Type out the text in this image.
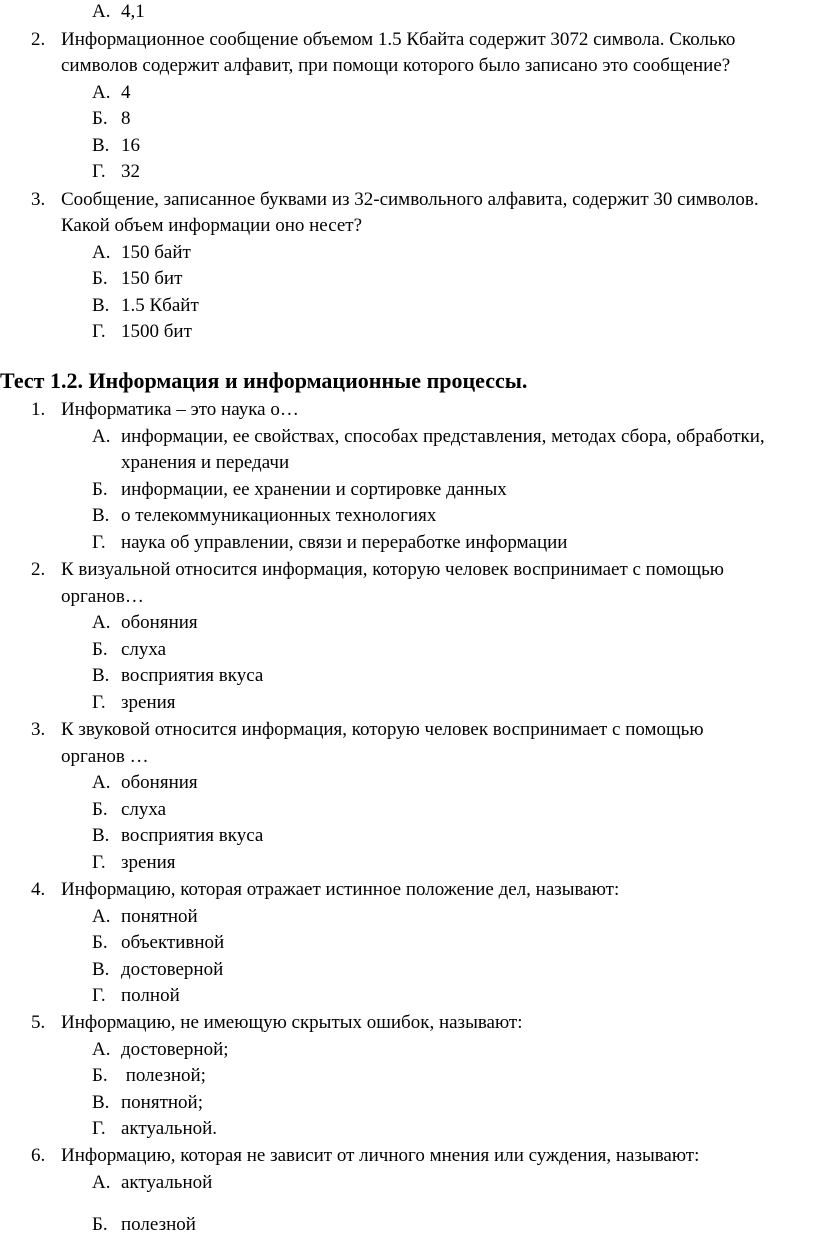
А. 4,1
2. Информационное сообщение объемом 1.5 Кбайта содержит 3072 символа. Сколько
символов содержит алфавит, при помощи которого было записано это сообщение?
А. 4
Б. 8
В. 16
Г. 32
3. Сообщение, записанное буквами из 32-символьного алфавита, содержит 30 символов.
Какой объем информации оно несет?
А. 150 байт
Б. 150 бит
В. 1.5 Кбайт
Г. 1500 бит
Тест 1.2. Информация и информационные процессы.
1. Информатика – это наука о…
А. информации, ее свойствах, способах представления, методах сбора, обработки,
хранения и передачи
Б. информации, ее хранении и сортировке данных
В. о телекоммуникационных технологиях
Г. наука об управлении, связи и переработке информации
2. К визуальной относится информация, которую человек воспринимает с помощью
органов…
А. обоняния
Б. слуха
В. восприятия вкуса
Г. зрения
3. К звуковой относится информация, которую человек воспринимает с помощью
органов …
А. обоняния
Б. слуха
В. восприятия вкуса
Г. зрения
4. Информацию, которая отражает истинное положение дел, называют:
А. понятной
Б. объективной
В. достоверной
Г. полной
5. Информацию, не имеющую скрытых ошибок, называют:
А. достоверной;
Б. полезной;
В. понятной;
Г. актуальной.
6. Информацию, которая не зависит от личного мнения или суждения, называют:
А. актуальной
Б. полезной
